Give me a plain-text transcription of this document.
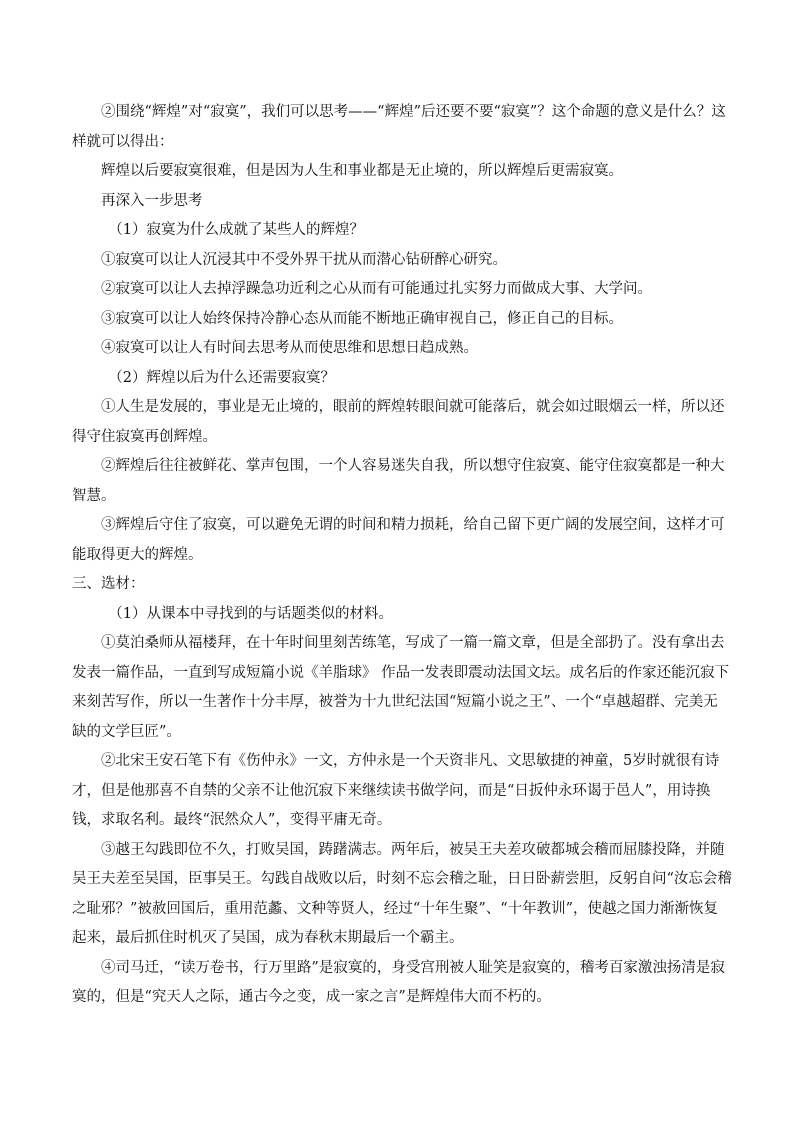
②围绕“辉煌”对“寂寞”，我们可以思考——“辉煌”后还要不要“寂寞”？这个命题的意义是什么？这样就可以得出：

辉煌以后要寂寞很难，但是因为人生和事业都是无止境的，所以辉煌后更需寂寞。

再深入一步思考

（1）寂寞为什么成就了某些人的辉煌？

①寂寞可以让人沉浸其中不受外界干扰从而潜心钻研醉心研究。

②寂寞可以让人去掉浮躁急功近利之心从而有可能通过扎实努力而做成大事、大学问。

③寂寞可以让人始终保持冷静心态从而能不断地正确审视自己，修正自己的目标。

④寂寞可以让人有时间去思考从而使思维和思想日趋成熟。

（2）辉煌以后为什么还需要寂寞？

①人生是发展的，事业是无止境的，眼前的辉煌转眼间就可能落后，就会如过眼烟云一样，所以还得守住寂寞再创辉煌。

②辉煌后往往被鲜花、掌声包围，一个人容易迷失自我，所以想守住寂寞、能守住寂寞都是一种大智慧。

③辉煌后守住了寂寞，可以避免无谓的时间和精力损耗，给自己留下更广阔的发展空间，这样才可能取得更大的辉煌。

三、选材：

（1）从课本中寻找到的与话题类似的材料。

①莫泊桑师从福楼拜，在十年时间里刻苦练笔，写成了一篇一篇文章，但是全部扔了。没有拿出去发表一篇作品，一直到写成短篇小说《羊脂球》 作品一发表即震动法国文坛。成名后的作家还能沉寂下来刻苦写作，所以一生著作十分丰厚，被誉为十九世纪法国“短篇小说之王”、一个“卓越超群、完美无缺的文学巨匠”。

②北宋王安石笔下有《伤仲永》一文，方仲永是一个天资非凡、文思敏捷的神童，5岁时就很有诗才，但是他那喜不自禁的父亲不让他沉寂下来继续读书做学问，而是“日扳仲永环谒于邑人”，用诗换钱，求取名利。最终“泯然众人”，变得平庸无奇。

③越王勾践即位不久，打败吴国，踌躇满志。两年后，被吴王夫差攻破都城会稽而屈膝投降，并随吴王夫差至吴国，臣事吴王。勾践自战败以后，时刻不忘会稽之耻，日日卧薪尝胆，反躬自问“汝忘会稽之耻邪？”被赦回国后，重用范蠡、文种等贤人，经过“十年生聚”、“十年教训”，使越之国力渐渐恢复起来，最后抓住时机灭了吴国，成为春秋末期最后一个霸主。

④司马迁，“读万卷书，行万里路”是寂寞的，身受宫刑被人耻笑是寂寞的，稽考百家激浊扬清是寂寞的，但是“究天人之际，通古今之变，成一家之言”是辉煌伟大而不朽的。
